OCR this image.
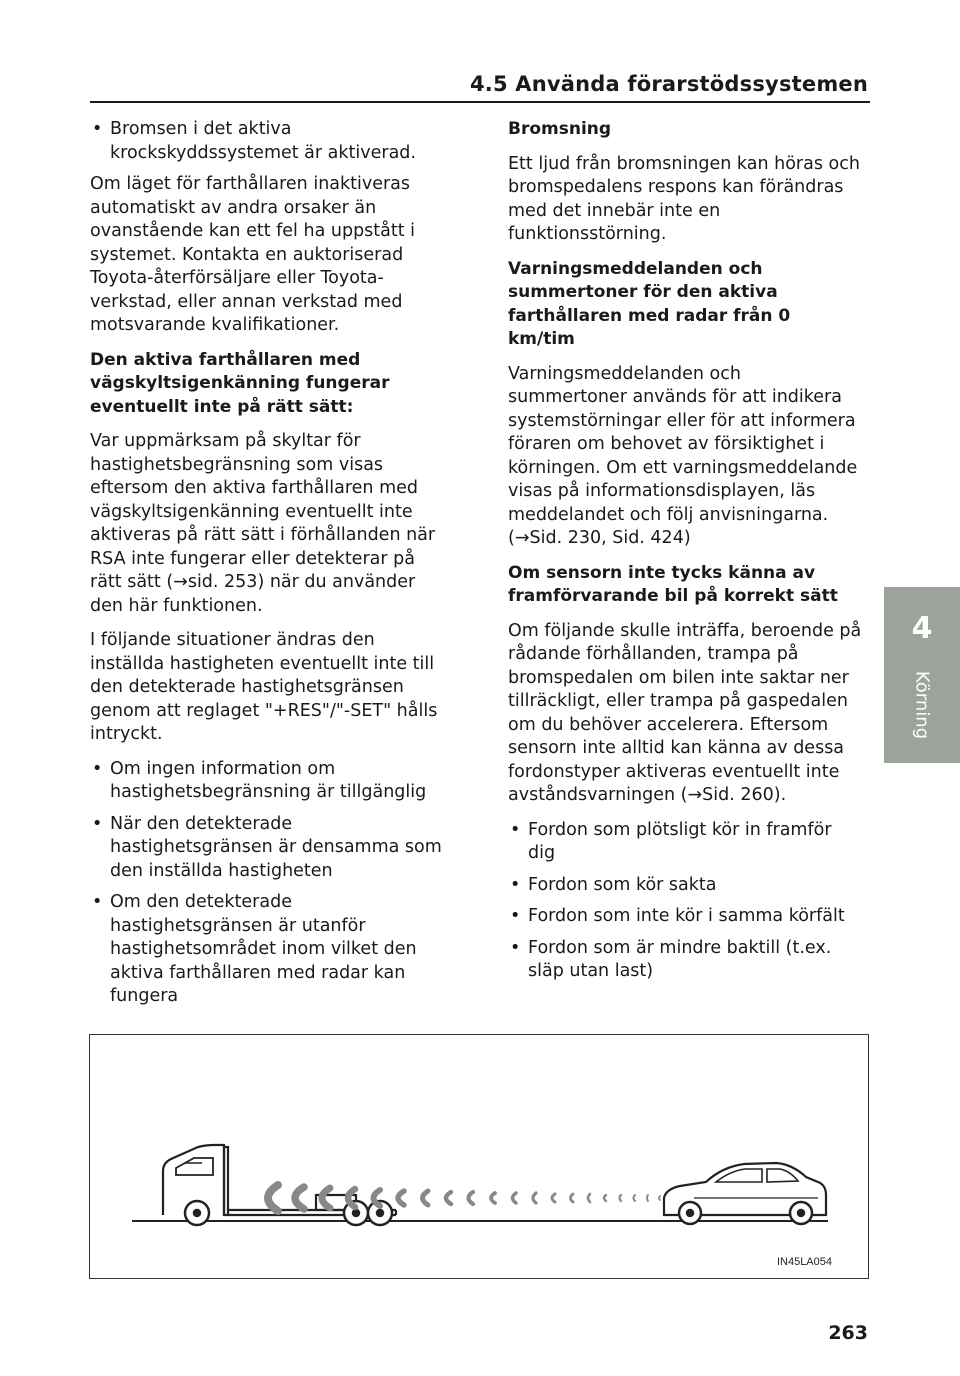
4.5 Använda förarstödssystemen
• Bromsen i det aktiva krockskyddssystemet är aktiverad.

Om läget för farthållaren inaktiveras automatiskt av andra orsaker än ovanstående kan ett fel ha uppstått i systemet. Kontakta en auktoriserad Toyota-återförsäljare eller Toyota-verkstad, eller annan verkstad med motsvarande kvalifikationer.

Den aktiva farthållaren med vägskyltsigenkänning fungerar eventuellt inte på rätt sätt:

Var uppmärksam på skyltar för hastighetsbegränsning som visas eftersom den aktiva farthållaren med vägskyltsigenkänning eventuellt inte aktiveras på rätt sätt i förhållanden när RSA inte fungerar eller detekterar på rätt sätt (→sid. 253) när du använder den här funktionen.

I följande situationer ändras den inställda hastigheten eventuellt inte till den detekterade hastighetsgränsen genom att reglaget "+RES"/"-SET" hålls intryckt.

• Om ingen information om hastighetsbegränsning är tillgänglig
• När den detekterade hastighetsgränsen är densamma som den inställda hastigheten
• Om den detekterade hastighetsgränsen är utanför hastighetsområdet inom vilket den aktiva farthållaren med radar kan fungera

Bromsning

Ett ljud från bromsningen kan höras och bromspedalens respons kan förändras med det innebär inte en funktionsstörning.

Varningsmeddelanden och summertoner för den aktiva farthållaren med radar från 0 km/tim

Varningsmeddelanden och summertoner används för att indikera systemstörningar eller för att informera föraren om behovet av försiktighet i körningen. Om ett varningsmeddelande visas på informationsdisplayen, läs meddelandet och följ anvisningarna. (→Sid. 230, Sid. 424)

Om sensorn inte tycks känna av framförvarande bil på korrekt sätt

Om följande skulle inträffa, beroende på rådande förhållanden, trampa på bromspedalen om bilen inte saktar ner tillräckligt, eller trampa på gaspedalen om du behöver accelerera. Eftersom sensorn inte alltid kan känna av dessa fordonstyper aktiveras eventuellt inte avståndsvarningen (→Sid. 260).

• Fordon som plötsligt kör in framför dig
• Fordon som kör sakta
• Fordon som inte kör i samma körfält
• Fordon som är mindre baktill (t.ex. släp utan last)
4
Körning
IN45LA054
263
